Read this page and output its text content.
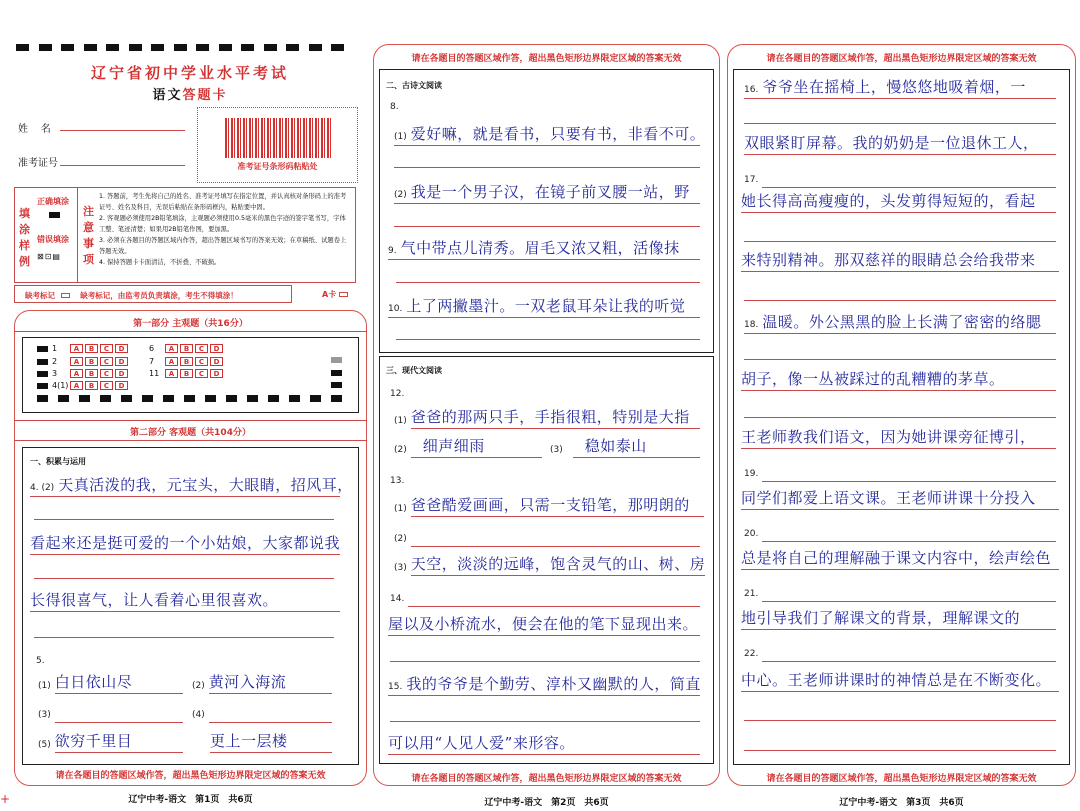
辽宁省初中学业水平考试
语文答题卡
姓    名
准考证号	准考证号条形码粘贴处
填涂样例
正确填涂
错误填涂
⊠⊡▤
注意事项
1. 答题前，考生先将自己的姓名、准考证号填写在指定位置，并认真核对条形码上的准考证号、姓名及科目，无误后粘贴在条形码框内，粘贴要中固。
2. 客观题必须使用2B铅笔填涂，主观题必须使用0.5毫米的黑色字迹的签字笔书写，字体工整、笔迹清楚；如果用2B铅笔作图，要加黑。
3. 必须在各题目的答题区域内作答，超出答题区域书写的答案无效；在草稿纸、试题卷上答题无效。
4. 保持答题卡卡面清洁，不折叠、不破损。
缺考标记	缺考标记，由监考员负责填涂，考生不得填涂！	A卡
第一部分 主观题（共16分）
1	A B C D
2	A B C D
3	A B C D
4(1) A B C D
6	A B C D
7	A B C D
11	A B C D
第二部分 客观题（共104分）
一、积累与运用
4. (2) 天真活泼的我，元宝头，大眼睛，招风耳，
看起来还是挺可爱的一个小姑娘，大家都说我
长得很喜气，让人看着心里很喜欢。
5.
(1) 白日依山尽	(2) 黄河入海流
(3)	(4)
(5) 欲穷千里目	更上一层楼
请在各题目的答题区域作答，超出黑色矩形边界限定区域的答案无效
辽宁中考-语文　第1页　共6页
+
请在各题目的答题区域作答，超出黑色矩形边界限定区域的答案无效
二、古诗文阅读
8.
(1) 爱好嘛，就是看书，只要有书，非看不可。
(2) 我是一个男子汉，在镜子前叉腰一站，野
9. 气中带点儿清秀。眉毛又浓又粗，活像抹
10. 上了两撇墨汁。一双老鼠耳朵让我的听觉
三、现代文阅读
12.
(1) 爸爸的那两只手，手指很粗，特别是大指
(2) 细声细雨	(3) 稳如泰山
13.
(1) 爸爸酷爱画画，只需一支铅笔，那明朗的
(2)
(3) 天空，淡淡的远峰，饱含灵气的山、树、房
14.
屋以及小桥流水，便会在他的笔下显现出来。
15. 我的爷爷是个勤劳、淳朴又幽默的人，简直
可以用“人见人爱”来形容。
请在各题目的答题区域作答，超出黑色矩形边界限定区域的答案无效
辽宁中考-语文　第2页　共6页
请在各题目的答题区域作答，超出黑色矩形边界限定区域的答案无效
16. 爷爷坐在摇椅上，慢悠悠地吸着烟，一
双眼紧盯屏幕。我的奶奶是一位退休工人，
17.
她长得高高瘦瘦的，头发剪得短短的，看起
来特别精神。那双慈祥的眼睛总会给我带来
18. 温暖。外公黑黑的脸上长满了密密的络腮
胡子，像一丛被踩过的乱糟糟的茅草。
王老师教我们语文，因为她讲课旁征博引，
19.
同学们都爱上语文课。王老师讲课十分投入
20.
总是将自己的理解融于课文内容中，绘声绘色
21.
地引导我们了解课文的背景，理解课文的
22.
中心。王老师讲课时的神情总是在不断变化。
请在各题目的答题区域作答，超出黑色矩形边界限定区域的答案无效
辽宁中考-语文　第3页　共6页
